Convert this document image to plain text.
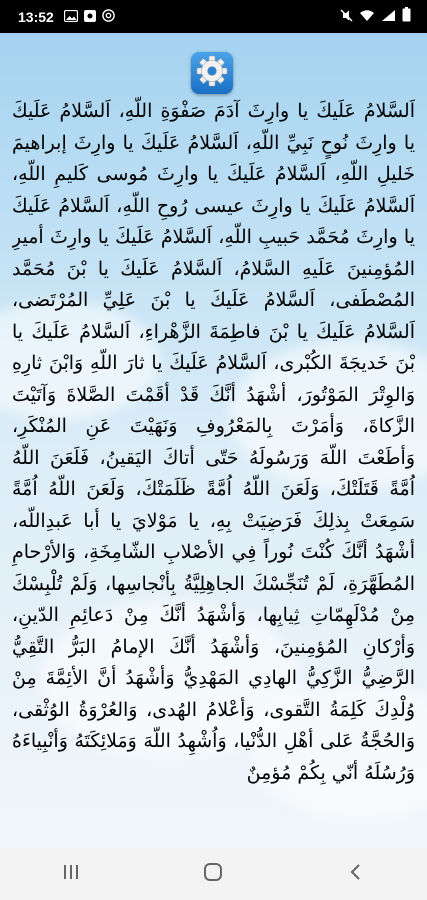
13:52

اَلسَّلامُ عَلَيكَ يا وارِثَ آدَمَ صَفْوَةِ اللّهِ، اَلسَّلامُ عَلَيكَ يا وارِثَ نُوحٍ نَبِيِّ اللّهِ، اَلسَّلامُ عَلَيكَ يا وارِثَ إبراهيمَ خَليلِ اللّهِ، اَلسَّلامُ عَلَيكَ يا وارِثَ مُوسى كَليمِ اللّهِ، اَلسَّلامُ عَلَيكَ يا وارِثَ عيسى رُوحِ اللّهِ، اَلسَّلامُ عَلَيكَ يا وارِثَ مُحَمَّد حَبيبِ اللّهِ، اَلسَّلامُ عَلَيكَ يا وارِثَ أميرِ المُؤمِنينَ عَلَيهِ السَّلامُ، اَلسَّلامُ عَلَيكَ يا بْنَ مُحَمَّد المُصْطَفى، اَلسَّلامُ عَلَيكَ يا بْنَ عَلِيِّ المُرْتَضى، اَلسَّلامُ عَلَيكَ يا بْنَ فاطِمَةَ الزَّهْراءِ، اَلسَّلامُ عَلَيكَ يا بْنَ خَديجَةَ الكُبْرى، اَلسَّلامُ عَلَيكَ يا ثارَ اللّهِ وَابْنَ ثارِهِ وَالوِتْرَ المَوْتُورَ، أشْهَدُ أنَّكَ قَدْ أقَمْتَ الصَّلاةَ وَآتَيْتَ الزَّكاةَ، وَأمَرْتَ بِالمَعْرُوفِ وَنَهَيْتَ عَنِ المُنْكَرِ، وَأطَعْتَ اللّهَ وَرَسُولَهُ حَتّى أتاكَ اليَقينُ، فَلَعَنَ اللّهُ اُمَّةً قَتَلَتْكَ، وَلَعَنَ اللّهُ اُمَّةً ظَلَمَتْكَ، وَلَعَنَ اللّهُ اُمَّةً سَمِعَتْ بِذلِكَ فَرَضِيَتْ بِهِ، يا مَوْلايَ يا أبا عَبدِاللّه، أشْهَدُ أنَّكَ كُنْتَ نُوراً فِي الأصْلابِ الشّامِخَةِ، وَالأرْحامِ المُطَهَّرَةِ، لَمْ تُنَجِّسْكَ الجاهِلِيَّةُ بِأنْجاسِها، وَلَمْ تُلْبِسْكَ مِنْ مُدْلَهِمّاتِ ثِيابِها، وَأشْهَدُ أنَّكَ مِنْ دَعائِمِ الدّينِ، وَأرْكانِ المُؤمِنينَ، وَأشْهَدُ أنَّكَ الإمامُ البَرُّ التَّقِيُّ الرَّضِيُّ الزَّكِيُّ الهادِي المَهْدِيُّ وَأشْهَدُ أنَّ الأئِمَّةَ مِنْ وُلْدِكَ كَلِمَةُ التَّقوى، وَأعْلامُ الهُدى، وَالعُرْوَةُ الوُثْقى، وَالحُجَّةُ عَلى أهْلِ الدُّنْيا، وَاُشْهِدُ اللّهَ وَمَلائِكَتَهُ وَأنْبِياءَهُ وَرُسُلَهُ أنّي بِكُمْ مُؤمِنٌ
